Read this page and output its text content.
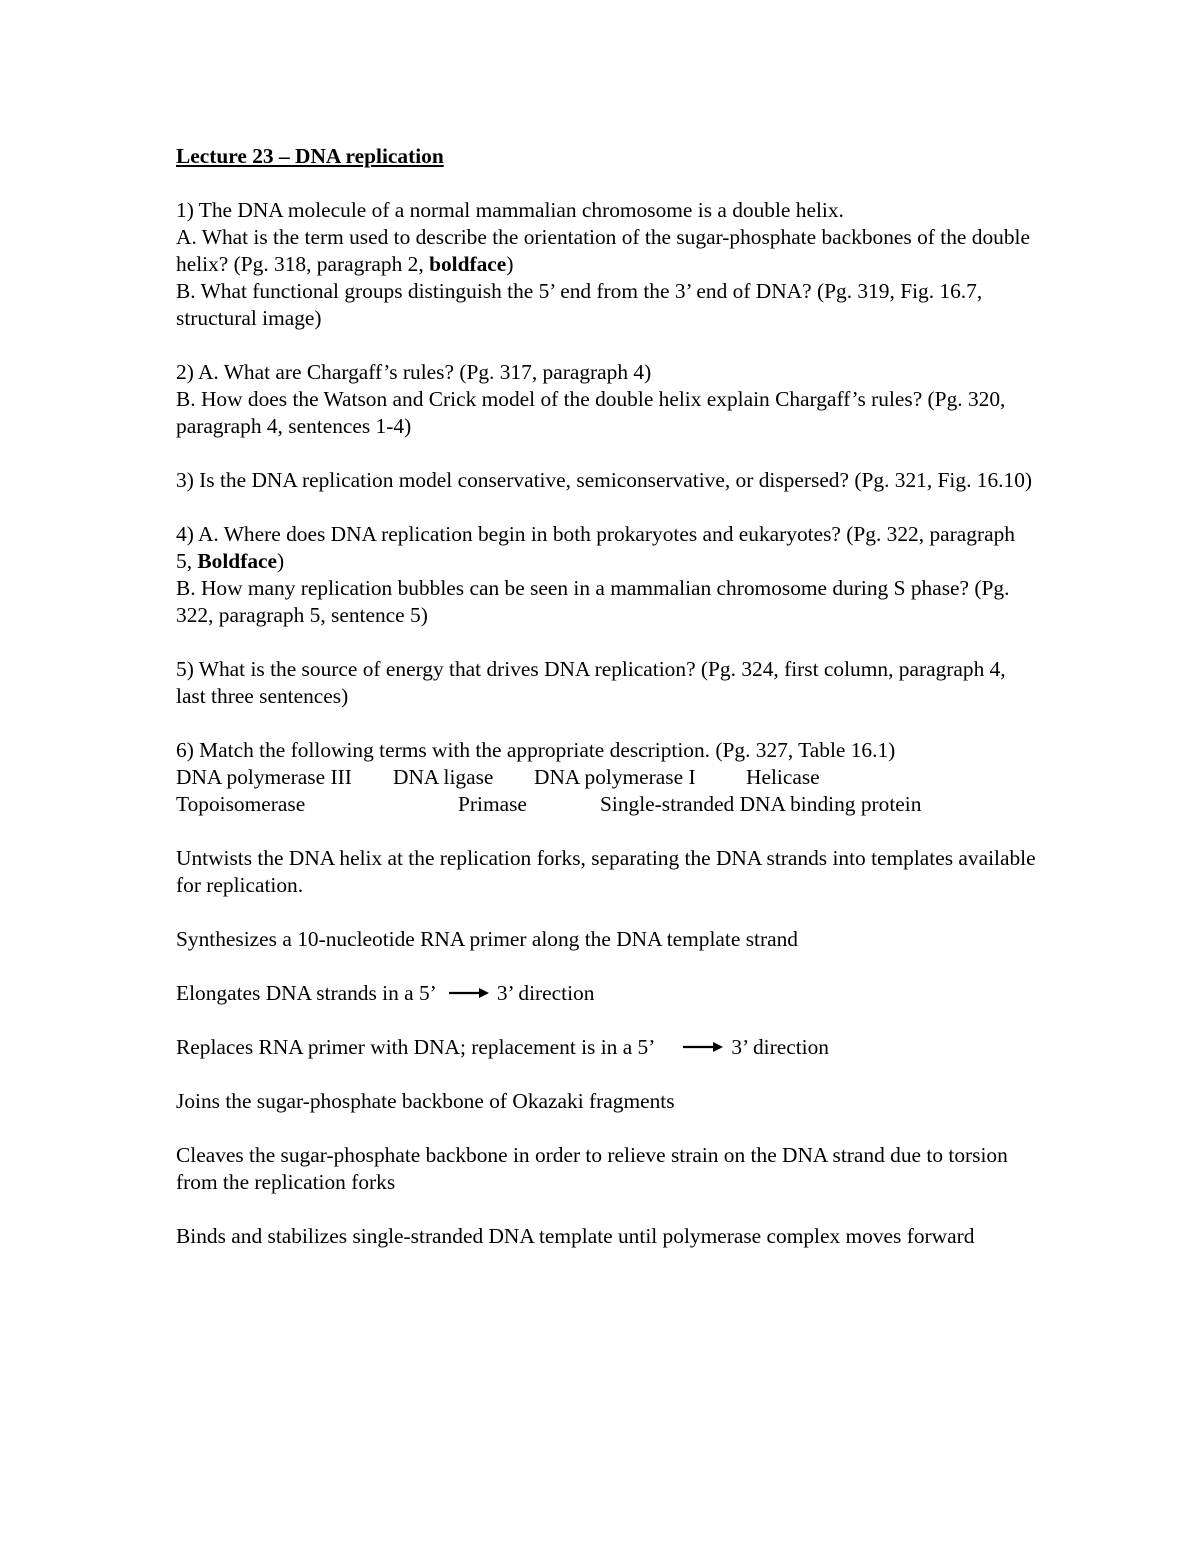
Lecture 23 – DNA replication
1) The DNA molecule of a normal mammalian chromosome is a double helix.
A. What is the term used to describe the orientation of the sugar-phosphate backbones of the double helix? (Pg. 318, paragraph 2, boldface)
B. What functional groups distinguish the 5’ end from the 3’ end of DNA? (Pg. 319, Fig. 16.7, structural image)
2) A. What are Chargaff’s rules? (Pg. 317, paragraph 4)
B. How does the Watson and Crick model of the double helix explain Chargaff’s rules? (Pg. 320, paragraph 4, sentences 1-4)
3) Is the DNA replication model conservative, semiconservative, or dispersed? (Pg. 321, Fig. 16.10)
4) A. Where does DNA replication begin in both prokaryotes and eukaryotes? (Pg. 322, paragraph 5, Boldface)
B. How many replication bubbles can be seen in a mammalian chromosome during S phase? (Pg. 322, paragraph 5, sentence 5)
5) What is the source of energy that drives DNA replication? (Pg. 324, first column, paragraph 4, last three sentences)
6) Match the following terms with the appropriate description. (Pg. 327, Table 16.1)
DNA polymerase III DNA ligase DNA polymerase I Helicase
Topoisomerase	Primase	Single-stranded DNA binding protein
Untwists the DNA helix at the replication forks, separating the DNA strands into templates available for replication.
Synthesizes a 10-nucleotide RNA primer along the DNA template strand
Elongates DNA strands in a 5’	3’ direction
Replaces RNA primer with DNA; replacement is in a 5’	3’ direction
Joins the sugar-phosphate backbone of Okazaki fragments
Cleaves the sugar-phosphate backbone in order to relieve strain on the DNA strand due to torsion from the replication forks
Binds and stabilizes single-stranded DNA template until polymerase complex moves forward
